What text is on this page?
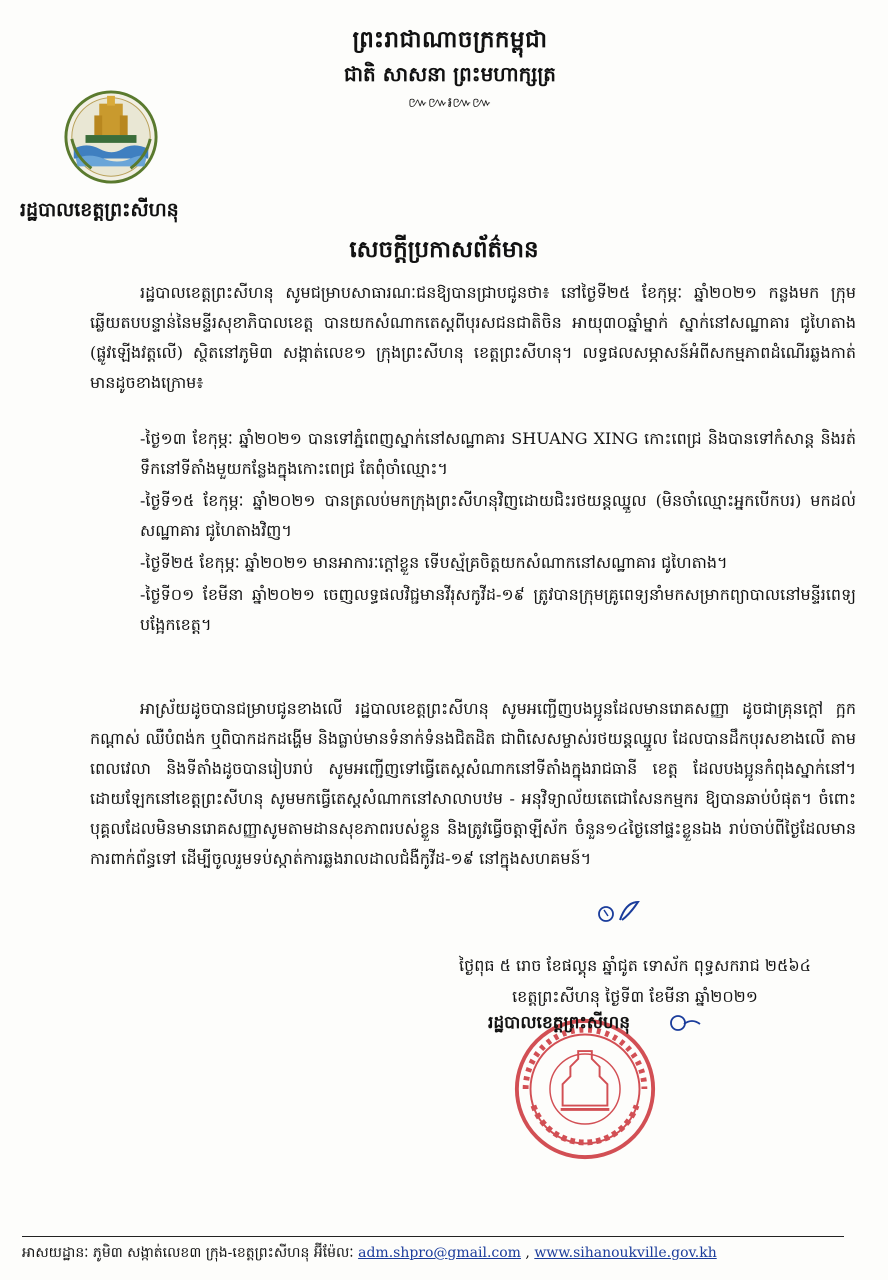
ព្រះរាជាណាចក្រកម្ពុជា
ជាតិ សាសនា ព្រះមហាក្សត្រ
៚៚៛៚៚
រដ្ឋបាលខេត្តព្រះសីហនុ
សេចក្ដីប្រកាសព័ត៌មាន

រដ្ឋបាលខេត្តព្រះសីហនុ សូមជម្រាបសាធារណៈជនឱ្យបានជ្រាបជូនថា៖ នៅថ្ងៃទី២៥ ខែកុម្ភៈ ឆ្នាំ២០២១ កន្លងមក ក្រុមឆ្លើយតបបន្ទាន់នៃមន្ទីរសុខាភិបាលខេត្ត បានយកសំណាកតេស្តពីបុរសជនជាតិចិន អាយុ៣០ឆ្នាំម្នាក់ ស្នាក់នៅសណ្ឋាគារ ជូហៃតាង (ផ្លូវឡើងវត្តលើ) ស្ថិតនៅភូមិ៣ សង្កាត់លេខ១ ក្រុងព្រះសីហនុ ខេត្តព្រះសីហនុ។ លទ្ធផលសម្ភាសន៍អំពីសកម្មភាពដំណើរឆ្លងកាត់មានដូចខាងក្រោម៖

-ថ្ងៃ១៣ ខែកុម្ភៈ ឆ្នាំ២០២១ បានទៅភ្នំពេញស្នាក់នៅសណ្ឋាគារ SHUANG XING កោះពេជ្រ និងបានទៅកំសាន្ត និងរត់ទឹកនៅទីតាំងមួយកន្លែងក្នុងកោះពេជ្រ តែពុំចាំឈ្មោះ។
-ថ្ងៃទី១៥ ខែកុម្ភៈ ឆ្នាំ២០២១ បានត្រលប់មកក្រុងព្រះសីហនុវិញដោយជិះរថយន្តឈ្នួល (មិនចាំឈ្មោះអ្នកបើកបរ) មកដល់សណ្ឋាគារ ជូហៃតាងវិញ។
-ថ្ងៃទី២៥ ខែកុម្ភៈ ឆ្នាំ២០២១ មានអាការៈក្ដៅខ្លួន ទើបស្ម័គ្រចិត្តយកសំណាកនៅសណ្ឋាគារ ជូហៃតាង។
-ថ្ងៃទី០១ ខែមីនា ឆ្នាំ២០២១ ចេញលទ្ធផលវិជ្ជមានវីរុសកូវីដ-១៩ ត្រូវបានក្រុមគ្រូពេទ្យនាំមកសម្រាកព្យាបាលនៅមន្ទីរពេទ្យបង្អែកខេត្ត។

អាស្រ័យដូចបានជម្រាបជូនខាងលើ រដ្ឋបាលខេត្តព្រះសីហនុ សូមអញ្ជើញបងប្អូនដែលមានរោគសញ្ញា ដូចជាគ្រុនក្ដៅ ក្អក កណ្ដាស់ ឈឺបំពង់ក ឬពិបាកដកដង្ហើម និងធ្លាប់មានទំនាក់ទំនងជិតដិត ជាពិសេសម្ចាស់រថយន្តឈ្នួល ដែលបានដឹកបុរសខាងលើ តាមពេលវេលា និងទីតាំងដូចបានរៀបរាប់ សូមអញ្ជើញទៅធ្វើតេស្តសំណាកនៅទីតាំងក្នុងរាជធានី ខេត្ត ដែលបងប្អូនកំពុងស្នាក់នៅ។ ដោយឡែកនៅខេត្តព្រះសីហនុ សូមមកធ្វើតេស្តសំណាកនៅសាលាបឋម - អនុវិទ្យាល័យតេជោសែនកម្មករ ឱ្យបានឆាប់បំផុត។ ចំពោះបុគ្គលដែលមិនមានរោគសញ្ញាសូមតាមដានសុខភាពរបស់ខ្លួន និងត្រូវធ្វើចត្តាឡីស័ក ចំនួន១៤ថ្ងៃនៅផ្ទះខ្លួនឯង រាប់ចាប់ពីថ្ងៃដែលមានការពាក់ព័ន្ធទៅ ដើម្បីចូលរួមទប់ស្កាត់ការឆ្លងរាលដាលជំងឺកូវីដ-១៩ នៅក្នុងសហគមន៍។

ថ្ងៃពុធ ៥ រោច ខែផល្គុន ឆ្នាំជូត ទោស័ក ពុទ្ធសករាជ ២៥៦៤
ខេត្តព្រះសីហនុ ថ្ងៃទី៣ ខែមីនា ឆ្នាំ២០២១
រដ្ឋបាលខេត្តព្រះសីហនុ
អាសយដ្ឋានៈ ភូមិ៣ សង្កាត់លេខ៣ ក្រុង-ខេត្តព្រះសីហនុ អ៊ីម៉ែលៈ adm.shpro@gmail.com , www.sihanoukville.gov.kh
